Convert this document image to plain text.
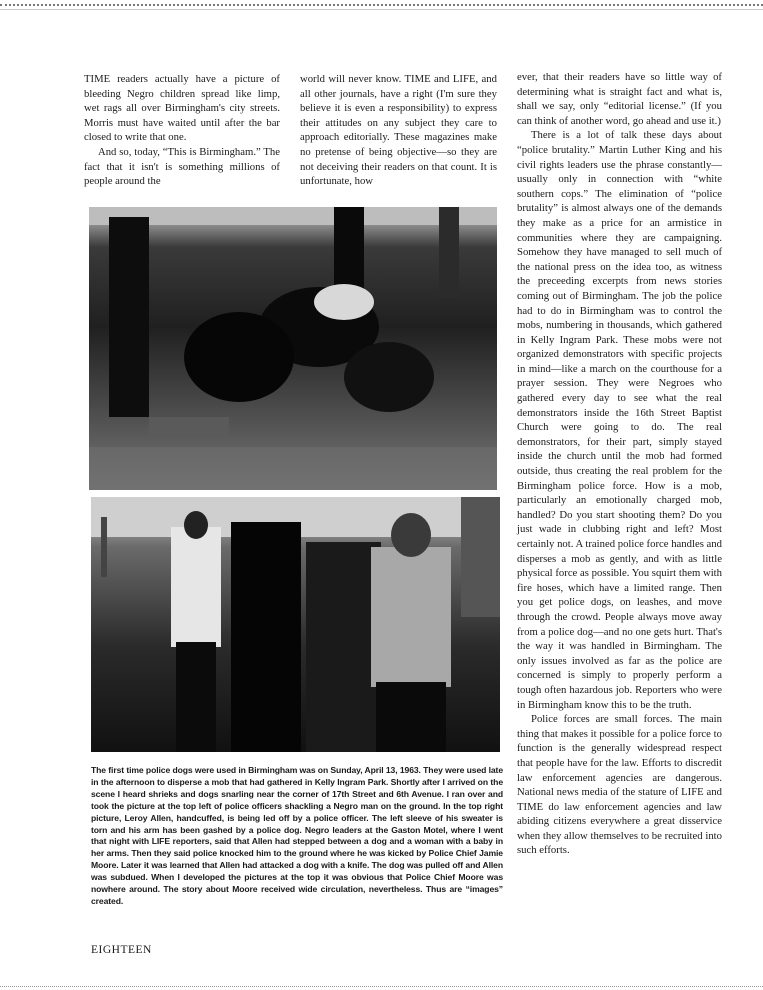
TIME readers actually have a picture of bleeding Negro children spread like limp, wet rags all over Birmingham's city streets. Morris must have waited until after the bar closed to write that one.

And so, today, “This is Birmingham.” The fact that it isn't is something millions of people around the

world will never know. TIME and LIFE, and all other journals, have a right (I'm sure they believe it is even a responsibility) to express their attitudes on any subject they care to approach editorially. These magazines make no pretense of being objective—so they are not deceiving their readers on that count. It is unfortunate, how

ever, that their readers have so little way of determining what is straight fact and what is, shall we say, only “editorial license.” (If you can think of another word, go ahead and use it.)

There is a lot of talk these days about “police brutality.” Martin Luther King and his civil rights leaders use the phrase constantly—usually only in connection with “white southern cops.” The elimination of “police brutality” is almost always one of the demands they make as a price for an armistice in communities where they are campaigning. Somehow they have managed to sell much of the national press on the idea too, as witness the preceeding excerpts from news stories coming out of Birmingham. The job the police had to do in Birmingham was to control the mobs, numbering in thousands, which gathered in Kelly Ingram Park. These mobs were not organized demonstrators with specific projects in mind—like a march on the courthouse for a prayer session. They were Negroes who gathered every day to see what the real demonstrators inside the 16th Street Baptist Church were going to do. The real demonstrators, for their part, simply stayed inside the church until the mob had formed outside, thus creating the real problem for the Birmingham police force. How is a mob, particularly an emotionally charged mob, handled? Do you start shooting them? Do you just wade in clubbing right and left? Most certainly not. A trained police force handles and disperses a mob as gently, and with as little physical force as possible. You squirt them with fire hoses, which have a limited range. Then you get police dogs, on leashes, and move through the crowd. People always move away from a police dog—and no one gets hurt. That's the way it was handled in Birmingham. The only issues involved as far as the police are concerned is simply to properly perform a tough often hazardous job. Reporters who were in Birmingham know this to be the truth.

Police forces are small forces. The main thing that makes it possible for a police force to function is the generally widespread respect that people have for the law. Efforts to discredit law enforcement agencies are dangerous. National news media of the stature of LIFE and TIME do law enforcement agencies and law abiding citizens everywhere a great disservice when they allow themselves to be recruited into such efforts.

The first time police dogs were used in Birmingham was on Sunday, April 13, 1963. They were used late in the afternoon to disperse a mob that had gathered in Kelly Ingram Park. Shortly after I arrived on the scene I heard shrieks and dogs snarling near the corner of 17th Street and 6th Avenue. I ran over and took the picture at the top left of police officers shackling a Negro man on the ground. In the top right picture, Leroy Allen, handcuffed, is being led off by a police officer. The left sleeve of his sweater is torn and his arm has been gashed by a police dog. Negro leaders at the Gaston Motel, where I went that night with LIFE reporters, said that Allen had stepped between a dog and a woman with a baby in her arms. Then they said police knocked him to the ground where he was kicked by Police Chief Jamie Moore. Later it was learned that Allen had attacked a dog with a knife. The dog was pulled off and Allen was subdued. When I developed the pictures at the top it was obvious that Police Chief Moore was nowhere around. The story about Moore received wide circulation, nevertheless. Thus are “images” created.
EIGHTEEN
